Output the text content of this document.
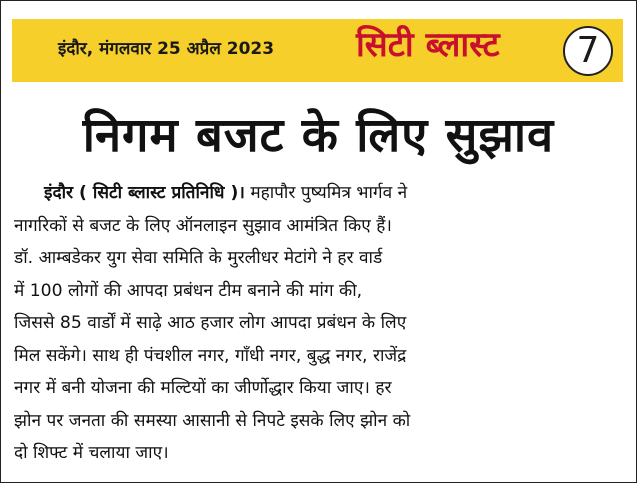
इंदौर, मंगलवार 25 अप्रैल 2023 सिटी ब्लास्ट	7
निगम बजट के लिए सुझाव
इंदौर ( सिटी ब्लास्ट प्रतिनिधि )। महापौर पुष्यमित्र भार्गव ने
नागरिकों से बजट के लिए ऑनलाइन सुझाव आमंत्रित किए हैं।
डॉ. आम्बडेकर युग सेवा समिति के मुरलीधर मेटांगे ने हर वार्ड
में 100 लोगों की आपदा प्रबंधन टीम बनाने की मांग की,
जिससे 85 वार्डों में साढ़े आठ हजार लोग आपदा प्रबंधन के लिए
मिल सकेंगे। साथ ही पंचशील नगर, गाँधी नगर, बुद्ध नगर, राजेंद्र
नगर में बनी योजना की मल्टियों का जीर्णोद्धार किया जाए। हर
झोन पर जनता की समस्या आसानी से निपटे इसके लिए झोन को
दो शिफ्ट में चलाया जाए।
